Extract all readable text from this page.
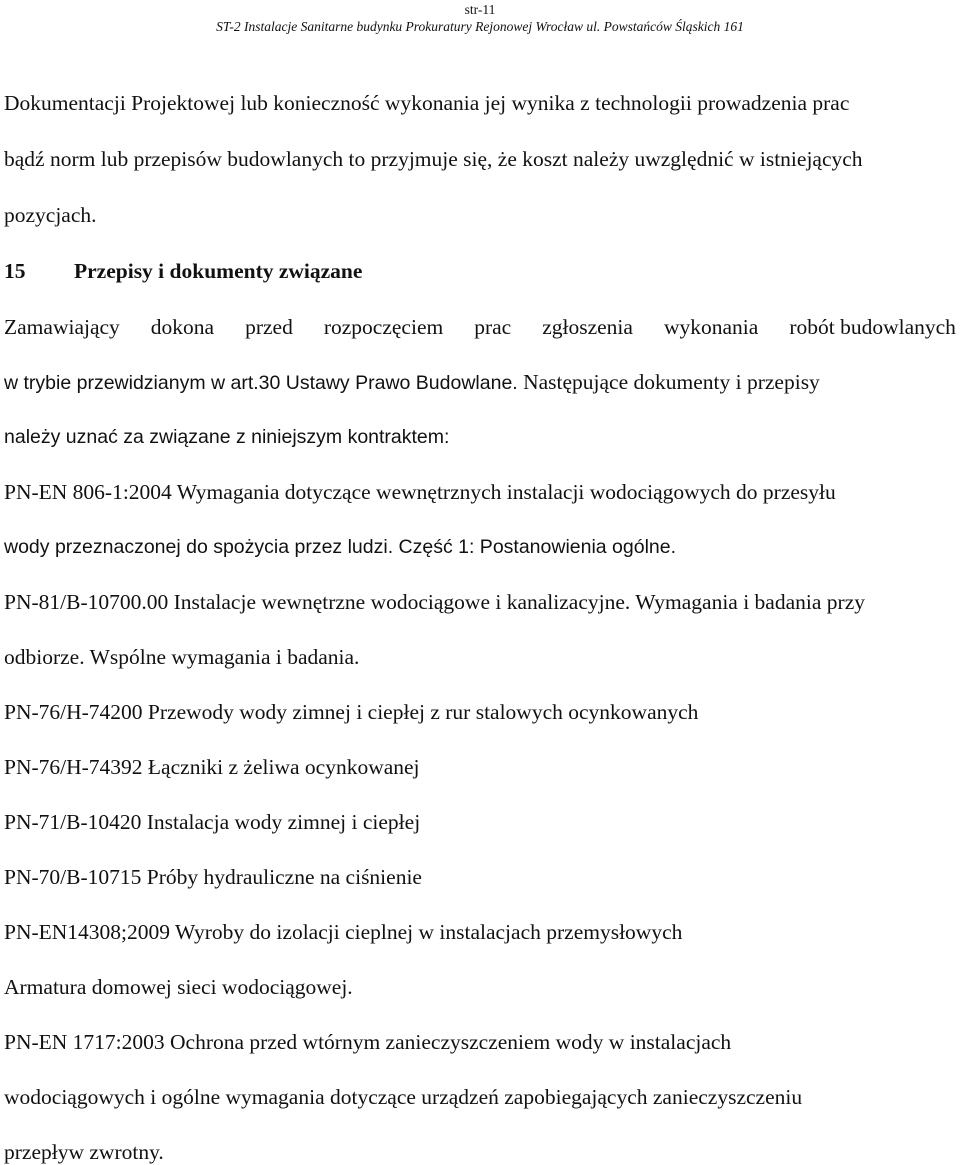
str-11
ST-2 Instalacje Sanitarne budynku Prokuratury Rejonowej Wrocław ul. Powstańców Śląskich 161
Dokumentacji Projektowej lub konieczność wykonania jej wynika z technologii prowadzenia prac
bądź norm lub przepisów budowlanych to przyjmuje się, że koszt należy uwzględnić w istniejących
pozycjach.
15 Przepisy i dokumenty związane
Zamawiający dokona przed rozpoczęciem prac zgłoszenia wykonania robót budowlanych
w trybie przewidzianym w art.30 Ustawy Prawo Budowlane. Następujące dokumenty i przepisy
należy uznać za związane z niniejszym kontraktem:
PN-EN 806-1:2004 Wymagania dotyczące wewnętrznych instalacji wodociągowych do przesyłu
wody przeznaczonej do spożycia przez ludzi. Część 1: Postanowienia ogólne.
PN-81/B-10700.00 Instalacje wewnętrzne wodociągowe i kanalizacyjne. Wymagania i badania przy
odbiorze. Wspólne wymagania i badania.
PN-76/H-74200 Przewody wody zimnej i ciepłej z rur stalowych ocynkowanych
PN-76/H-74392 Łączniki z żeliwa ocynkowanej
PN-71/B-10420 Instalacja wody zimnej i ciepłej
PN-70/B-10715 Próby hydrauliczne na ciśnienie
PN-EN14308;2009 Wyroby do izolacji cieplnej w instalacjach przemysłowych
Armatura domowej sieci wodociągowej.
PN-EN 1717:2003 Ochrona przed wtórnym zanieczyszczeniem wody w instalacjach
wodociągowych i ogólne wymagania dotyczące urządzeń zapobiegających zanieczyszczeniu
przepływ zwrotny.
